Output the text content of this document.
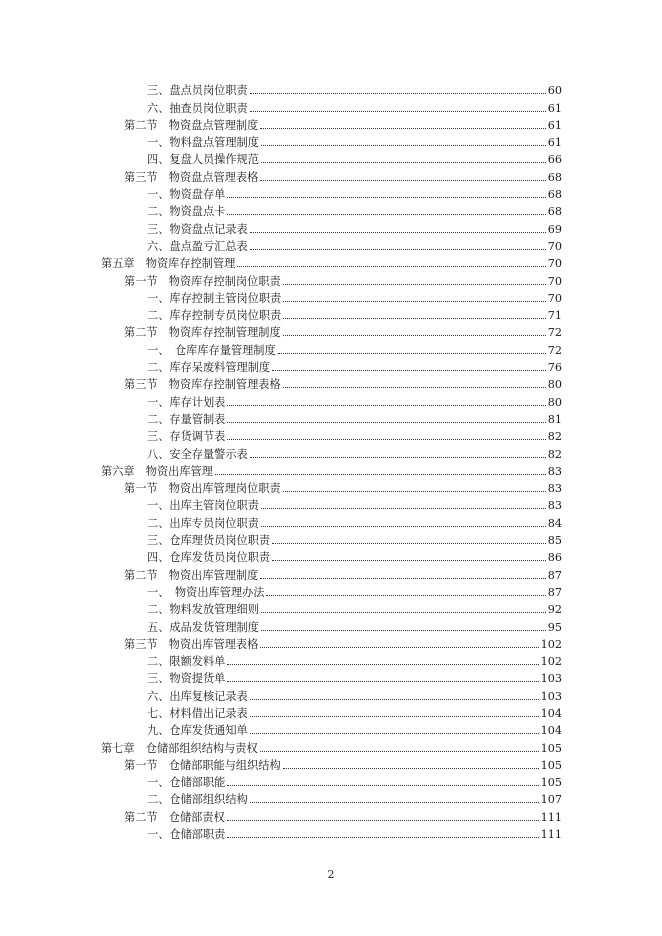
三、盘点员岗位职责	60
六、抽查员岗位职责	61
第二节　物资盘点管理制度	61
一、物料盘点管理制度	61
四、复盘人员操作规范	66
第三节　物资盘点管理表格	68
一、物资盘存单	68
二、物资盘点卡	68
三、物资盘点记录表	69
六、盘点盈亏汇总表	70
第五章　物资库存控制管理	70
第一节　物资库存控制岗位职责	70
一、库存控制主管岗位职责	70
二、库存控制专员岗位职责	71
第二节　物资库存控制管理制度	72
一、　仓库库存量管理制度	72
二、库存呆废料管理制度	76
第三节　物资库存控制管理表格	80
一、库存计划表	80
二、存量管制表	81
三、存货调节表	82
八、安全存量警示表	82
第六章　物资出库管理	83
第一节　物资出库管理岗位职责	83
一、出库主管岗位职责	83
二、出库专员岗位职责	84
三、仓库理货员岗位职责	85
四、仓库发货员岗位职责	86
第二节　物资出库管理制度	87
一、　物资出库管理办法	87
二、物料发放管理细则	92
五、成品发货管理制度	95
第三节　物资出库管理表格	102
二、限额发料单	102
三、物资提货单	103
六、出库复核记录表	103
七、材料借出记录表	104
九、仓库发货通知单	104
第七章　仓储部组织结构与责权	105
第一节　仓储部职能与组织结构	105
一、仓储部职能	105
二、仓储部组织结构	107
第二节　仓储部责权	111
一、仓储部职责	111
2
